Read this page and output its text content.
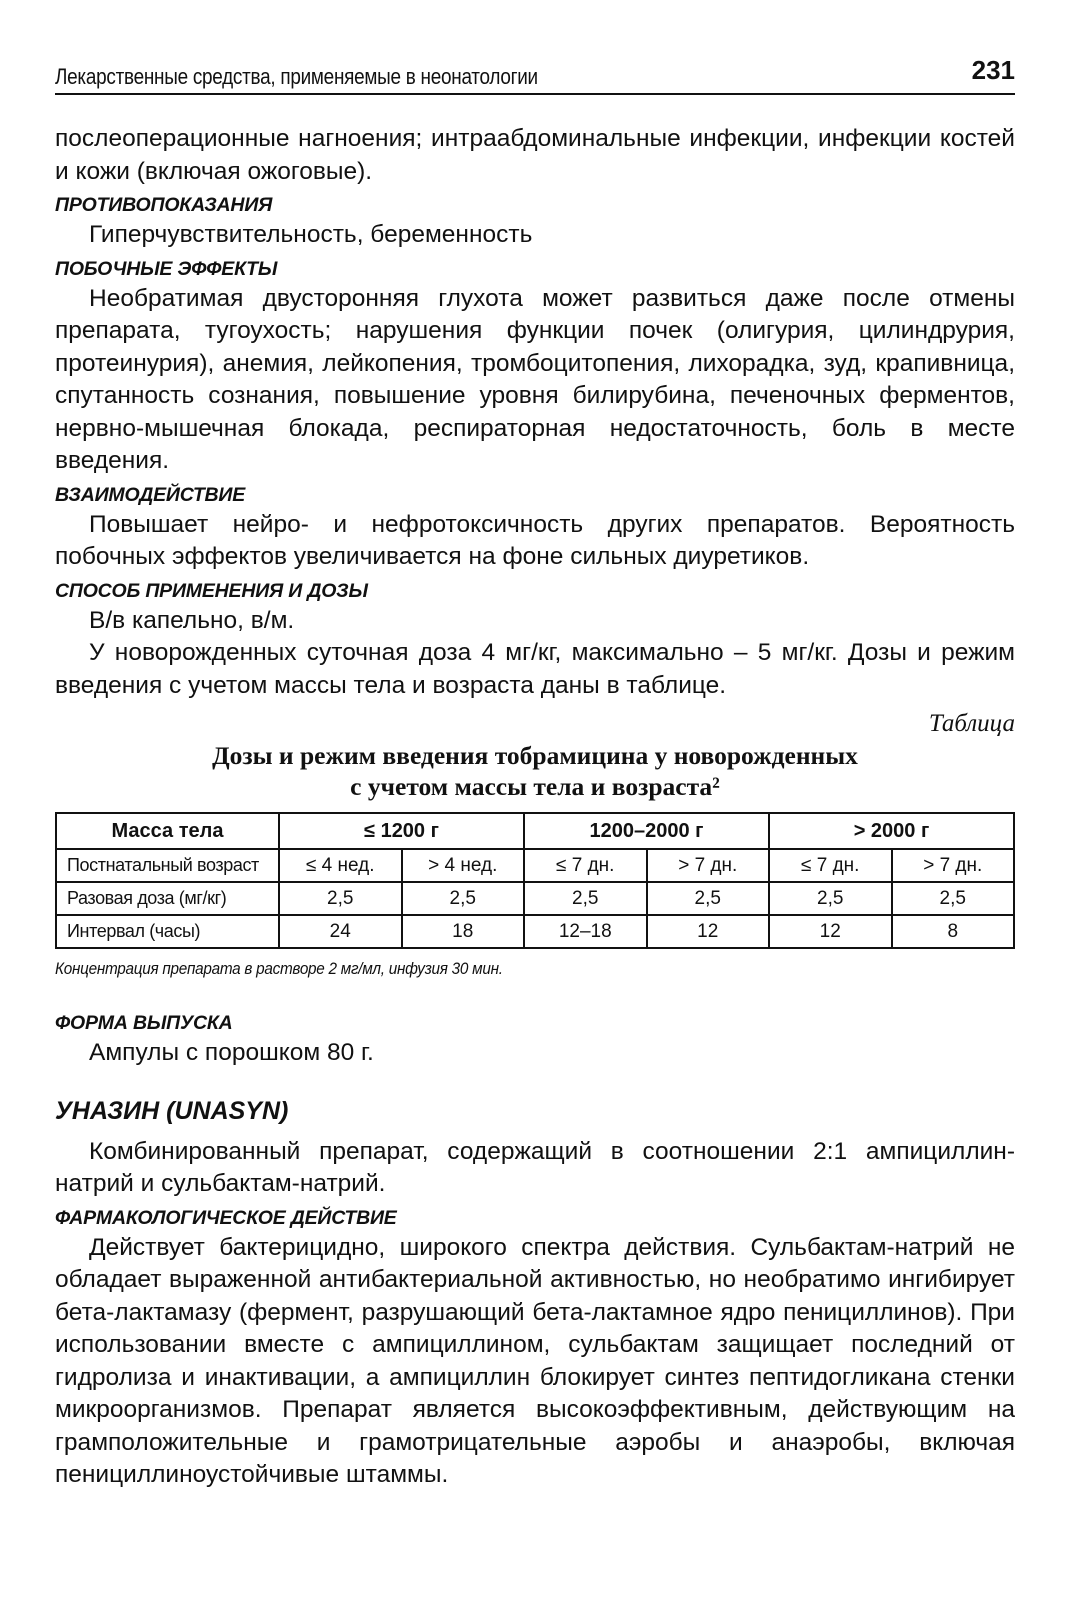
Лекарственные средства, применяемые в неонатологии	231

послеоперационные нагноения; интраабдоминальные инфекции, инфекции костей и кожи (включая ожоговые).

ПРОТИВОПОКАЗАНИЯ

Гиперчувствительность, беременность

ПОБОЧНЫЕ ЭФФЕКТЫ

Необратимая двусторонняя глухота может развиться даже после отмены препарата, тугоухость; нарушения функции почек (олигурия, цилиндрурия, протеинурия), анемия, лейкопения, тромбоцитопения, лихорадка, зуд, крапивница, спутанность сознания, повышение уровня билирубина, печеночных ферментов, нервно-мышечная блокада, респираторная недостаточность, боль в месте введения.

ВЗАИМОДЕЙСТВИЕ

Повышает нейро- и нефротоксичность других препаратов. Вероятность побочных эффектов увеличивается на фоне сильных диуретиков.

СПОСОБ ПРИМЕНЕНИЯ И ДОЗЫ

В/в капельно, в/м.

У новорожденных суточная доза 4 мг/кг, максимально – 5 мг/кг. Дозы и режим введения с учетом массы тела и возраста даны в таблице.

Таблица
Дозы и режим введения тобрамицина у новорожденных
с учетом массы тела и возраста²
Масса тела	≤ 1200 г		1200–2000 г		> 2000 г	
Постнатальный возраст	≤ 4 нед.	> 4 нед.	≤ 7 дн.	> 7 дн.	≤ 7 дн.	> 7 дн.
Разовая доза (мг/кг)	2,5	2,5	2,5	2,5	2,5	2,5
Интервал (часы)	24	18	12–18	12	12	8
Концентрация препарата в растворе 2 мг/мл, инфузия 30 мин.
ФОРМА ВЫПУСКА

Ампулы с порошком 80 г.

УНАЗИН (UNASYN)

Комбинированный препарат, содержащий в соотношении 2:1 ампициллин-натрий и сульбактам-натрий.

ФАРМАКОЛОГИЧЕСКОЕ ДЕЙСТВИЕ

Действует бактерицидно, широкого спектра действия. Сульбактам-натрий не обладает выраженной антибактериальной активностью, но необратимо ингибирует бета-лактамазу (фермент, разрушающий бета-лактамное ядро пенициллинов). При использовании вместе с ампициллином, сульбактам защищает последний от гидролиза и инактивации, а ампициллин блокирует синтез пептидогликана стенки микроорганизмов. Препарат является высокоэффективным, действующим на грамположительные и грамотрицательные аэробы и анаэробы, включая пенициллиноустойчивые штаммы.
